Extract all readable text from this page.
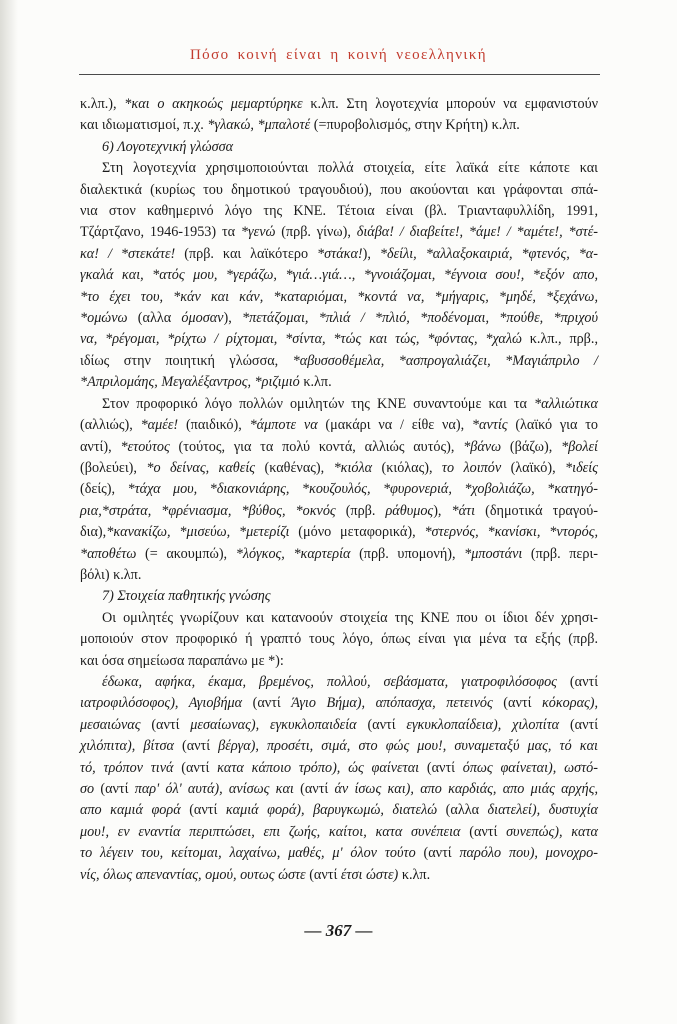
Πόσο κοινή είναι η κοινή νεοελληνική
κ.λπ.), *και ο ακηκοώς μεμαρτύρηκε κ.λπ. Στη λογοτεχνία μπορούν να εμφανιστούν
και ιδιωματισμοί, π.χ. *γλακώ, *μπαλοτέ (=πυροβολισμός, στην Κρήτη) κ.λπ.
6) Λογοτεχνική γλώσσα
Στη λογοτεχνία χρησιμοποιούνται πολλά στοιχεία, είτε λαϊκά είτε κάποτε και
διαλεκτικά (κυρίως του δημοτικού τραγουδιού), που ακούονται και γράφονται σπά-
νια στον καθημερινό λόγο της ΚΝΕ. Τέτοια είναι (βλ. Τριανταφυλλίδη, 1991,
Τζάρτζανο, 1946-1953) τα *γενώ (πρβ. γίνω), διάβα! / διαβείτε!, *άμε! / *αμέτε!, *στέ-
κα! / *στεκάτε! (πρβ. και λαϊκότερο *στάκα!), *δείλι, *αλλαξοκαιριά, *φτενός, *α-
γκαλά και, *ατός μου, *γεράζω, *γιά…γιά…, *γνοιάζομαι, *έγνοια σου!, *εξόν απο,
*το έχει του, *κάν και κάν, *καταριόμαι, *κοντά να, *μήγαρις, *μηδέ, *ξεχάνω,
*ομώνω (αλλα όμοσαν), *πετάζομαι, *πλιά / *πλιό, *ποδένομαι, *πούθε, *πριχού
να, *ρέγομαι, *ρίχτω / ρίχτομαι, *σίντα, *τώς και τώς, *φόντας, *χαλώ κ.λπ., πρβ.,
ιδίως στην ποιητική γλώσσα, *αβυσσοθέμελα, *ασπρογαλιάζει, *Μαγιάπριλο /
*Απριλομάης, Μεγαλέξαντρος, *ριζιμιό κ.λπ.
Στον προφορικό λόγο πολλών ομιλητών της ΚΝΕ συναντούμε και τα *αλλιώτικα
(αλλιώς), *αμέε! (παιδικό), *άμποτε να (μακάρι να / είθε να), *αντίς (λαϊκό για το
αντί), *ετούτος (τούτος, για τα πολύ κοντά, αλλιώς αυτός), *βάνω (βάζω), *βολεί
(βολεύει), *ο δείνας, καθείς (καθένας), *κιόλα (κιόλας), το λοιπόν (λαϊκό), *ιδείς
(δείς), *τάχα μου, *διακονιάρης, *κουζουλός, *φυρονεριά, *χοβολιάζω, *κατηγό-
ρια,*στράτα, *φρένιασμα, *βύθος, *οκνός (πρβ. ράθυμος), *άτι (δημοτικά τραγού-
δια),*κανακίζω, *μισεύω, *μετερίζι (μόνο μεταφορικά), *στερνός, *κανίσκι, *ντορός,
*αποθέτω (= ακουμπώ), *λόγκος, *καρτερία (πρβ. υπομονή), *μποστάνι (πρβ. περι-
βόλι) κ.λπ.
7) Στοιχεία παθητικής γνώσης
Οι ομιλητές γνωρίζουν και κατανοούν στοιχεία της ΚΝΕ που οι ίδιοι δέν χρησι-
μοποιούν στον προφορικό ή γραπτό τους λόγο, όπως είναι για μένα τα εξής (πρβ.
και όσα σημείωσα παραπάνω με *):
έδωκα, αφήκα, έκαμα, βρεμένος, πολλού, σεβάσματα, γιατροφιλόσοφος (αντί
ιατροφιλόσοφος), Αγιοβήμα (αντί Άγιο Βήμα), απόπασχα, πετεινός (αντί κόκορας),
μεσαιώνας (αντί μεσαίωνας), εγκυκλοπαιδεία (αντί εγκυκλοπαίδεια), χιλοπίτα (αντί
χιλόπιτα), βίτσα (αντί βέργα), προσέτι, σιμά, στο φώς μου!, συναμεταξύ μας, τό και
τό, τρόπον τινά (αντί κατα κάποιο τρόπο), ώς φαίνεται (αντί όπως φαίνεται), ωστό-
σο (αντί παρ' όλ' αυτά), ανίσως και (αντί άν ίσως και), απο καρδιάς, απο μιάς αρχής,
απο καμιά φορά (αντί καμιά φορά), βαρυγκωμώ, διατελώ (αλλα διατελεί), δυστυχία
μου!, εν εναντία περιπτώσει, επι ζωής, καίτοι, κατα συνέπεια (αντί συνεπώς), κατα
το λέγειν του, κείτομαι, λαχαίνω, μαθές, μ' όλον τούτο (αντί παρόλο που), μονοχρο-
νίς, όλως απεναντίας, ομού, ουτως ώστε (αντί έτσι ώστε) κ.λπ.
— 367 —
